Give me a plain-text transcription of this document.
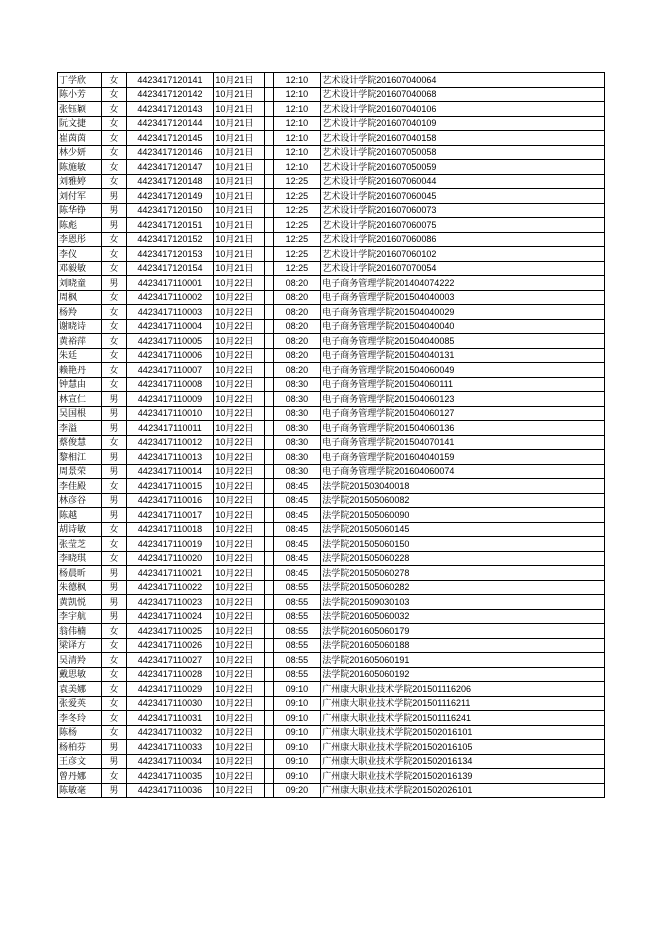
丁学欣	女	4423417120141	10月21日		12:10	艺术设计学院201607040064
陈小芳	女	4423417120142	10月21日		12:10	艺术设计学院201607040068
张钰颖	女	4423417120143	10月21日		12:10	艺术设计学院201607040106
阮文捷	女	4423417120144	10月21日		12:10	艺术设计学院201607040109
崔茵茵	女	4423417120145	10月21日		12:10	艺术设计学院201607040158
林少妍	女	4423417120146	10月21日		12:10	艺术设计学院201607050058
陈施敏	女	4423417120147	10月21日		12:10	艺术设计学院201607050059
刘雅婷	女	4423417120148	10月21日		12:25	艺术设计学院201607060044
刘付军	男	4423417120149	10月21日		12:25	艺术设计学院201607060045
陈华铮	男	4423417120150	10月21日		12:25	艺术设计学院201607060073
陈彪	男	4423417120151	10月21日		12:25	艺术设计学院201607060075
李恩彤	女	4423417120152	10月21日		12:25	艺术设计学院201607060086
李仪	女	4423417120153	10月21日		12:25	艺术设计学院201607060102
邓毅敏	女	4423417120154	10月21日		12:25	艺术设计学院201607070054
刘晓童	男	4423417110001	10月22日		08:20	电子商务管理学院201404074222
周枫	女	4423417110002	10月22日		08:20	电子商务管理学院201504040003
杨羚	女	4423417110003	10月22日		08:20	电子商务管理学院201504040029
谢晓诗	女	4423417110004	10月22日		08:20	电子商务管理学院201504040040
黄裕萍	女	4423417110005	10月22日		08:20	电子商务管理学院201504040085
朱廷	女	4423417110006	10月22日		08:20	电子商务管理学院201504040131
赖艳丹	女	4423417110007	10月22日		08:20	电子商务管理学院201504060049
钟慧由	女	4423417110008	10月22日		08:30	电子商务管理学院201504060111
林宣仁	男	4423417110009	10月22日		08:30	电子商务管理学院201504060123
吴国根	男	4423417110010	10月22日		08:30	电子商务管理学院201504060127
李溢	男	4423417110011	10月22日		08:30	电子商务管理学院201504060136
蔡俊慧	女	4423417110012	10月22日		08:30	电子商务管理学院201504070141
黎相江	男	4423417110013	10月22日		08:30	电子商务管理学院201604040159
周景荣	男	4423417110014	10月22日		08:30	电子商务管理学院201604060074
李佳殿	女	4423417110015	10月22日		08:45	法学院201503040018
林彦谷	男	4423417110016	10月22日		08:45	法学院201505060082
陈越	男	4423417110017	10月22日		08:45	法学院201505060090
胡诗敏	女	4423417110018	10月22日		08:45	法学院201505060145
张莹芝	女	4423417110019	10月22日		08:45	法学院201505060150
李晓琪	女	4423417110020	10月22日		08:45	法学院201505060228
杨晨昕	男	4423417110021	10月22日		08:45	法学院201505060278
朱德枫	男	4423417110022	10月22日		08:55	法学院201505060282
黄凯悦	男	4423417110023	10月22日		08:55	法学院201509030103
李宇航	男	4423417110024	10月22日		08:55	法学院201605060032
翁伟楠	女	4423417110025	10月22日		08:55	法学院201605060179
梁译方	女	4423417110026	10月22日		08:55	法学院201605060188
吴清羚	女	4423417110027	10月22日		08:55	法学院201605060191
戴思敏	女	4423417110028	10月22日		08:55	法学院201605060192
袁美娜	女	4423417110029	10月22日		09:10	广州康大职业技术学院201501116206
张爱英	女	4423417110030	10月22日		09:10	广州康大职业技术学院201501116211
李冬玲	女	4423417110031	10月22日		09:10	广州康大职业技术学院201501116241
陈杨	女	4423417110032	10月22日		09:10	广州康大职业技术学院201502016101
杨柏芬	男	4423417110033	10月22日		09:10	广州康大职业技术学院201502016105
王彦文	男	4423417110034	10月22日		09:10	广州康大职业技术学院201502016134
曾丹娜	女	4423417110035	10月22日		09:10	广州康大职业技术学院201502016139
陈敏毫	男	4423417110036	10月22日		09:20	广州康大职业技术学院201502026101
